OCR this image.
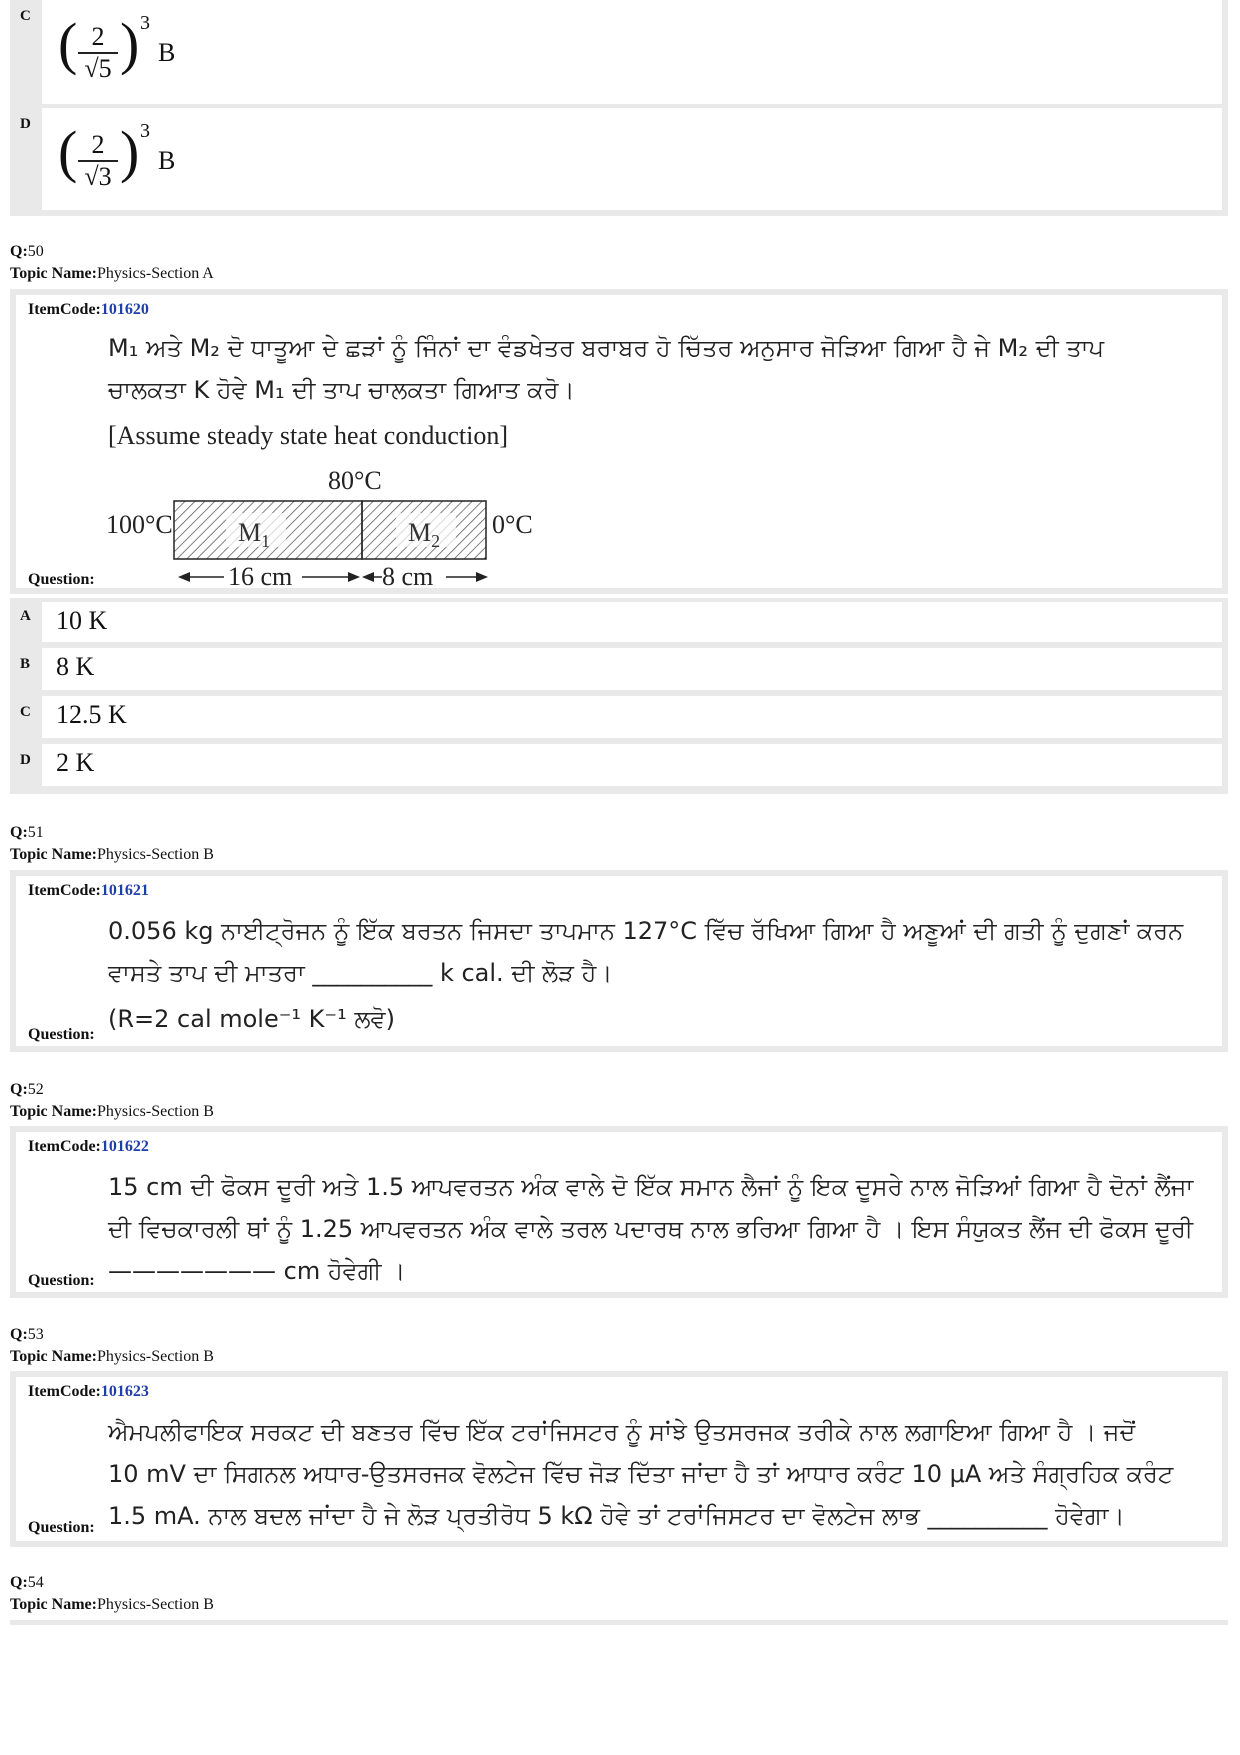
C ( $\frac{2}{√5}$ ) 3
B
D ( $\frac{2}{√3}$ ) 3
B
Q:50
Topic Name:Physics-Section A
ItemCode:101620
M₁ ਅਤੇ M₂ ਦੋ ਧਾਤੂਆ ਦੇ ਛੜਾਂ ਨੂੰ ਜਿੰਨਾਂ ਦਾ ਵੰਡਖੇਤਰ ਬਰਾਬਰ ਹੋ ਚਿੱਤਰ ਅਨੁਸਾਰ ਜੋੜਿਆ ਗਿਆ ਹੈ ਜੇ M₂ ਦੀ ਤਾਪ
ਚਾਲਕਤਾ K ਹੋਵੇ M₁ ਦੀ ਤਾਪ ਚਾਲਕਤਾ ਗਿਆਤ ਕਰੋ।
[Assume steady state heat conduction]
80°C
100°C	$M_1$	$M_2$
0°C
16 cm	8 cm
Question:
A 10 K
B 8 K
C 12.5 K
D 2 K
Q:51
Topic Name:Physics-Section B
ItemCode:101621
0.056 kg ਨਾਈਟ੍ਰੋਜਨ ਨੂੰ ਇੱਕ ਬਰਤਨ ਜਿਸਦਾ ਤਾਪਮਾਨ 127°C ਵਿੱਚ ਰੱਖਿਆ ਗਿਆ ਹੈ ਅਣੂਆਂ ਦੀ ਗਤੀ ਨੂੰ ਦੁਗਣਾਂ ਕਰਨ
ਵਾਸਤੇ ਤਾਪ ਦੀ ਮਾਤਰਾ __________ k cal. ਦੀ ਲੋੜ ਹੈ।
(R=2 cal mole⁻¹ K⁻¹ ਲਵੋ)
Question:
Q:52
Topic Name:Physics-Section B
ItemCode:101622
15 cm ਦੀ ਫੋਕਸ ਦੂਰੀ ਅਤੇ 1.5 ਆਪਵਰਤਨ ਅੰਕ ਵਾਲੇ ਦੋ ਇੱਕ ਸਮਾਨ ਲੈਜਾਂ ਨੂੰ ਇਕ ਦੂਸਰੇ ਨਾਲ ਜੋੜਿਆਂ ਗਿਆ ਹੈ ਦੋਨਾਂ ਲੈਂਜਾ
ਦੀ ਵਿਚਕਾਰਲੀ ਥਾਂ ਨੂੰ 1.25 ਆਪਵਰਤਨ ਅੰਕ ਵਾਲੇ ਤਰਲ ਪਦਾਰਥ ਨਾਲ ਭਰਿਆ ਗਿਆ ਹੈ । ਇਸ ਸੰਯੁਕਤ ਲੈਂਜ ਦੀ ਫੋਕਸ ਦੂਰੀ
——————— cm ਹੋਵੇਗੀ ।
Question:
Q:53
Topic Name:Physics-Section B
ItemCode:101623
ਐਮਪਲੀਫਾਇਕ ਸਰਕਟ ਦੀ ਬਣਤਰ ਵਿੱਚ ਇੱਕ ਟਰਾਂਜਿਸਟਰ ਨੂੰ ਸਾਂਝੇ ਉਤਸਰਜਕ ਤਰੀਕੇ ਨਾਲ ਲਗਾਇਆ ਗਿਆ ਹੈ । ਜਦੋਂ
10 mV ਦਾ ਸਿਗਨਲ ਅਧਾਰ-ਉਤਸਰਜਕ ਵੋਲਟੇਜ ਵਿੱਚ ਜੋੜ ਦਿੱਤਾ ਜਾਂਦਾ ਹੈ ਤਾਂ ਆਧਾਰ ਕਰੰਟ 10 μA ਅਤੇ ਸੰਗ੍ਰਹਿਕ ਕਰੰਟ
1.5 mA. ਨਾਲ ਬਦਲ ਜਾਂਦਾ ਹੈ ਜੇ ਲੋੜ ਪ੍ਰਤੀਰੋਧ 5 kΩ ਹੋਵੇ ਤਾਂ ਟਰਾਂਜਿਸਟਰ ਦਾ ਵੋਲਟੇਜ ਲਾਭ __________ ਹੋਵੇਗਾ।
Question:
Q:54
Topic Name:Physics-Section B
